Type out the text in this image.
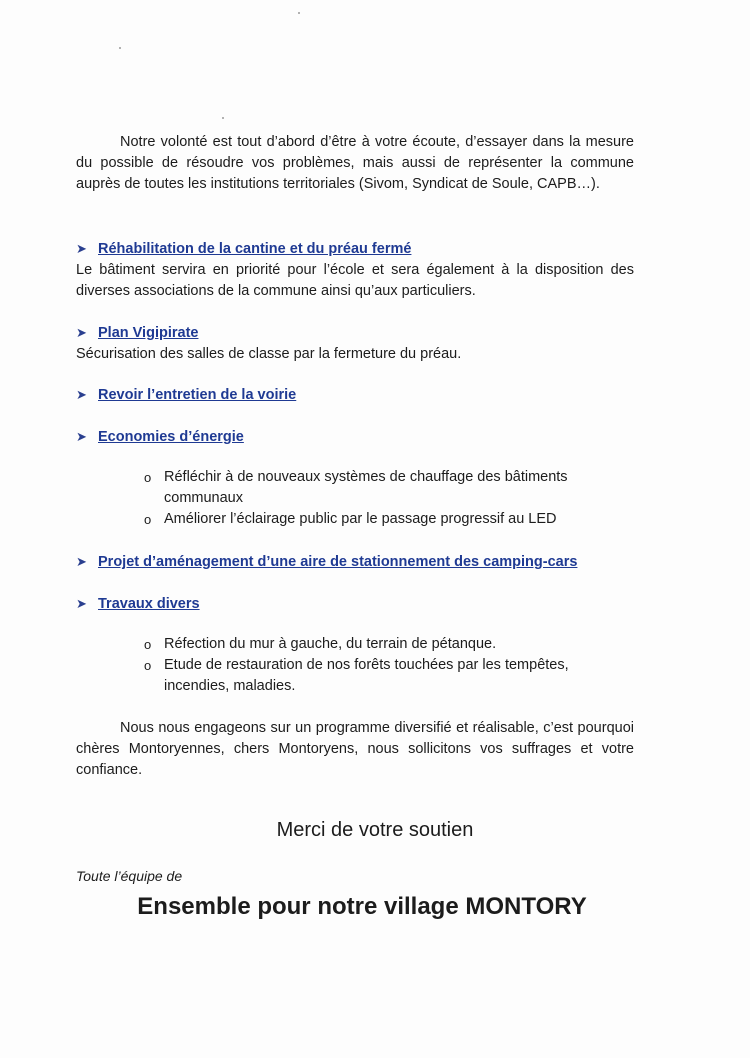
Notre volonté est tout d’abord d’être à votre écoute, d’essayer dans la mesure du possible de résoudre vos problèmes, mais aussi de représenter la commune auprès de toutes les institutions territoriales (Sivom, Syndicat de Soule, CAPB…).

➤ Réhabilitation de la cantine et du préau fermé
Le bâtiment servira en priorité pour l’école et sera également à la disposition des diverses associations de la commune ainsi qu’aux particuliers.
➤ Plan Vigipirate
Sécurisation des salles de classe par la fermeture du préau.
➤ Revoir l’entretien de la voirie
➤ Economies d’énergie
o Réfléchir à de nouveaux systèmes de chauffage des bâtiments communaux
o Améliorer l’éclairage public par le passage progressif au LED
➤ Projet d’aménagement d’une aire de stationnement des camping-cars
➤ Travaux divers
o Réfection du mur à gauche, du terrain de pétanque.
o Etude de restauration de nos forêts touchées par les tempêtes, incendies, maladies.

Nous nous engageons sur un programme diversifié et réalisable, c’est pourquoi chères Montoryennes, chers Montoryens, nous sollicitons vos suffrages et votre confiance.

Merci de votre soutien
Toute l’équipe de
Ensemble pour notre village MONTORY
